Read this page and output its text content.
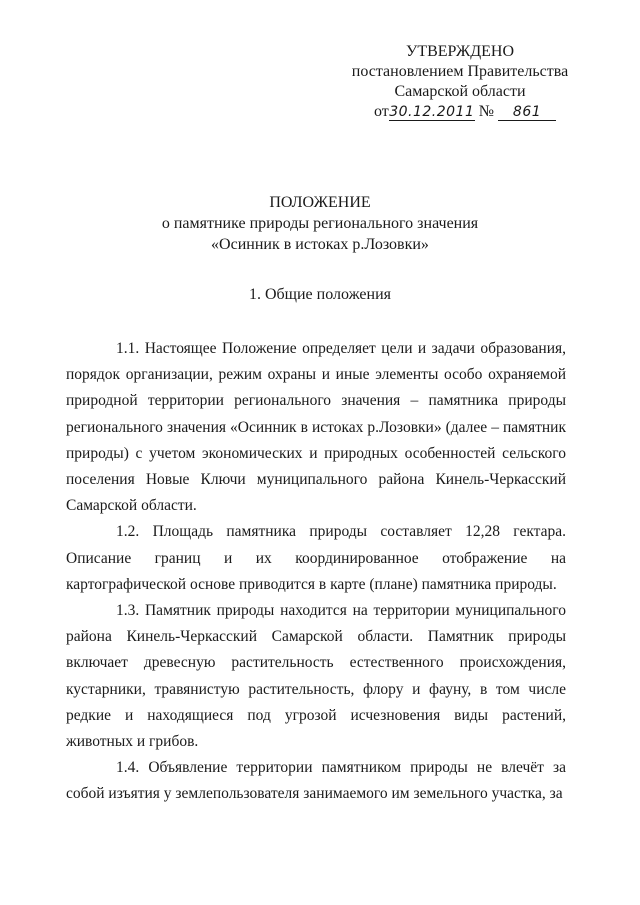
УТВЕРЖДЕНО
постановлением Правительства
Самарской области
от30.12.2011 № 861
ПОЛОЖЕНИЕ
о памятнике природы регионального значения
«Осинник в истоках р.Лозовки»
1. Общие положения

1.1. Настоящее Положение определяет цели и задачи образования, порядок организации, режим охраны и иные элементы особо охраняемой природной территории регионального значения – памятника природы регионального значения «Осинник в истоках р.Лозовки» (далее – памятник природы) с учетом экономических и природных особенностей сельского поселения Новые Ключи муниципального района Кинель-Черкасский Самарской области.

1.2. Площадь памятника природы составляет 12,28 гектара. Описание границ и их координированное отображение на картографической основе приводится в карте (плане) памятника природы.

1.3. Памятник природы находится на территории муниципального района Кинель-Черкасский Самарской области. Памятник природы включает древесную растительность естественного происхождения, кустарники, травянистую растительность, флору и фауну, в том числе редкие и находящиеся под угрозой исчезновения виды растений, животных и грибов.

1.4. Объявление территории памятником природы не влечёт за собой изъятия у землепользователя занимаемого им земельного участка, за
